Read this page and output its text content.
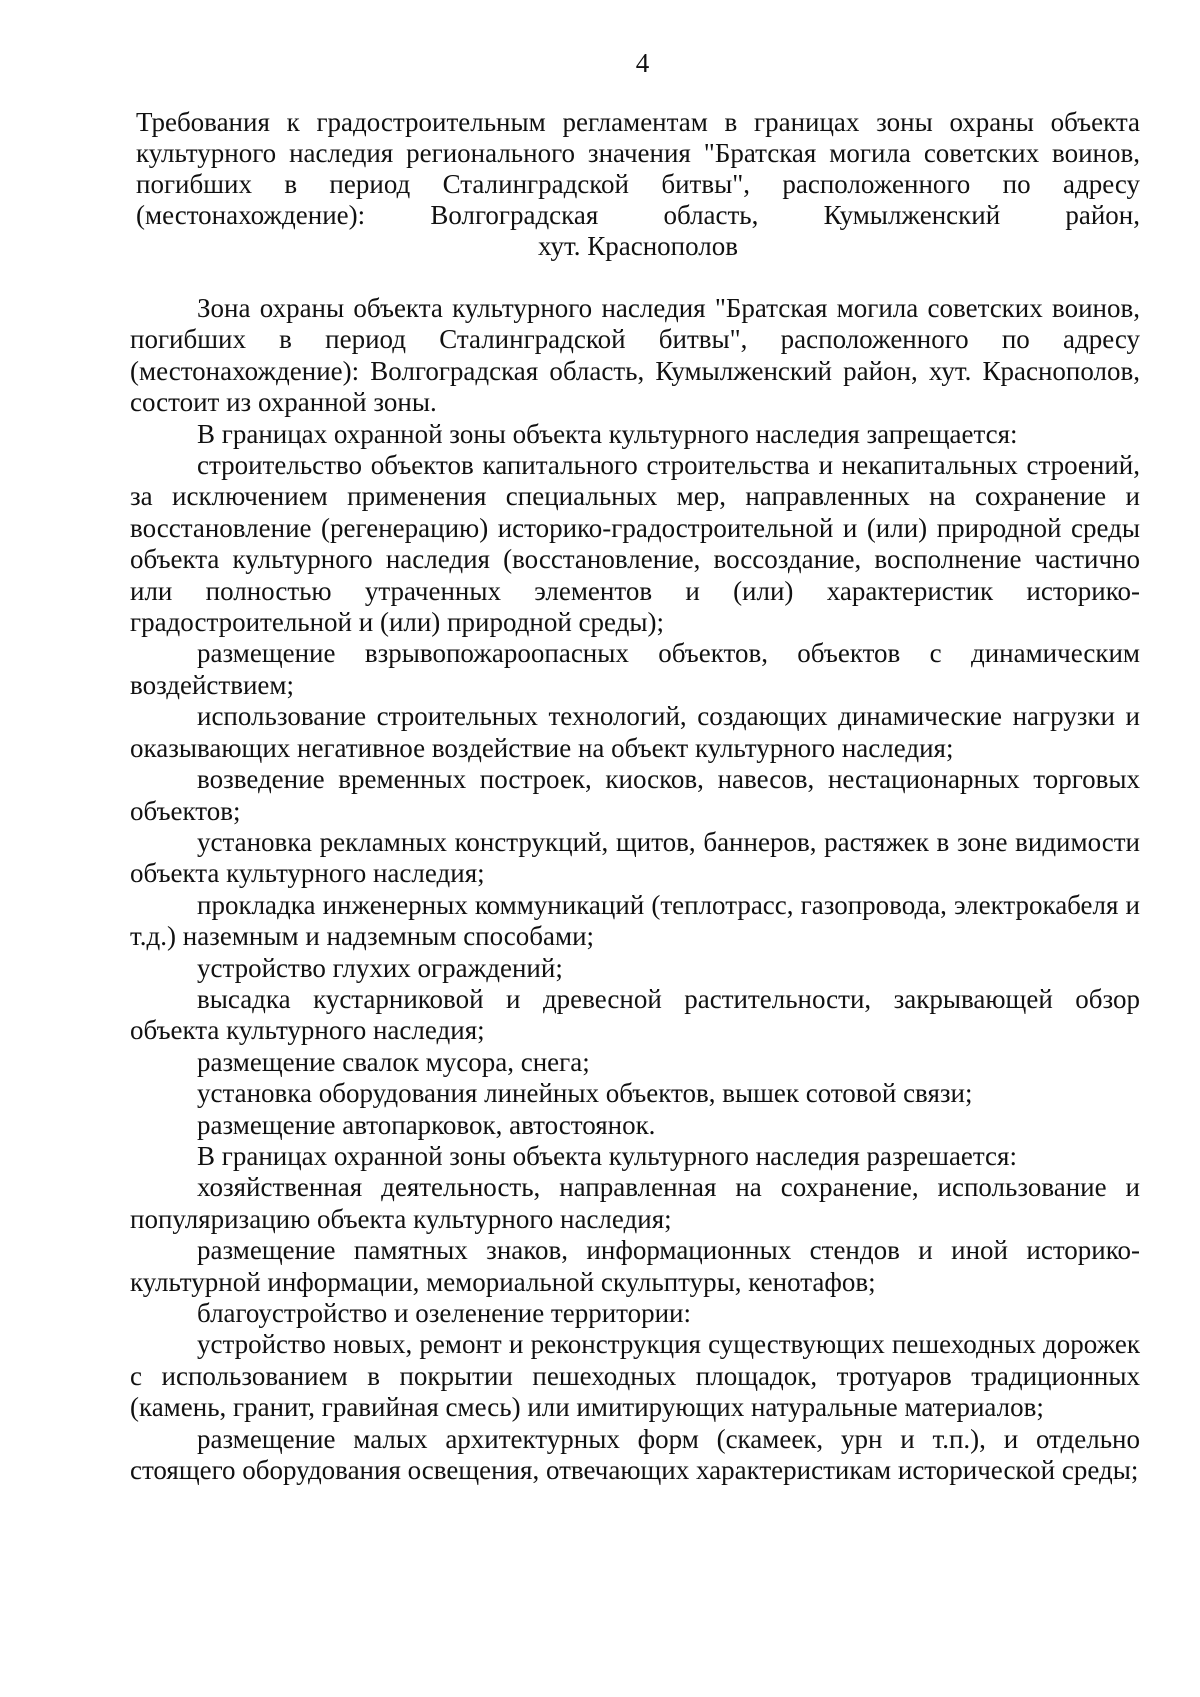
4
Требования к градостроительным регламентам в границах зоны охраны объекта
культурного наследия регионального значения "Братская могила советских воинов,
погибших в период Сталинградской битвы", расположенного по адресу
(местонахождение): Волгоградская область, Кумылженский район,
хут. Краснополов

Зона охраны объекта культурного наследия "Братская могила советских воинов, погибших в период Сталинградской битвы", расположенного по адресу (местонахождение): Волгоградская область, Кумылженский район, хут. Краснополов, состоит из охранной зоны.

В границах охранной зоны объекта культурного наследия запрещается:

строительство объектов капитального строительства и некапитальных строений, за исключением применения специальных мер, направленных на сохранение и восстановление (регенерацию) историко-градостроительной и (или) природной среды объекта культурного наследия (восстановление, воссоздание, восполнение частично или полностью утраченных элементов и (или) характеристик историко-градостроительной и (или) природной среды);

размещение взрывопожароопасных объектов, объектов с динамическим воздействием;

использование строительных технологий, создающих динамические нагрузки и оказывающих негативное воздействие на объект культурного наследия;

возведение временных построек, киосков, навесов, нестационарных торговых объектов;

установка рекламных конструкций, щитов, баннеров, растяжек в зоне видимости объекта культурного наследия;

прокладка инженерных коммуникаций (теплотрасс, газопровода, электрокабеля и т.д.) наземным и надземным способами;

устройство глухих ограждений;

высадка кустарниковой и древесной растительности, закрывающей обзор объекта культурного наследия;

размещение свалок мусора, снега;

установка оборудования линейных объектов, вышек сотовой связи;

размещение автопарковок, автостоянок.

В границах охранной зоны объекта культурного наследия разрешается:

хозяйственная деятельность, направленная на сохранение, использование и популяризацию объекта культурного наследия;

размещение памятных знаков, информационных стендов и иной историко-культурной информации, мемориальной скульптуры, кенотафов;

благоустройство и озеленение территории:

устройство новых, ремонт и реконструкция существующих пешеходных дорожек с использованием в покрытии пешеходных площадок, тротуаров традиционных (камень, гранит, гравийная смесь) или имитирующих натуральные материалов;

размещение малых архитектурных форм (скамеек, урн и т.п.), и отдельно стоящего оборудования освещения, отвечающих характеристикам исторической среды;
